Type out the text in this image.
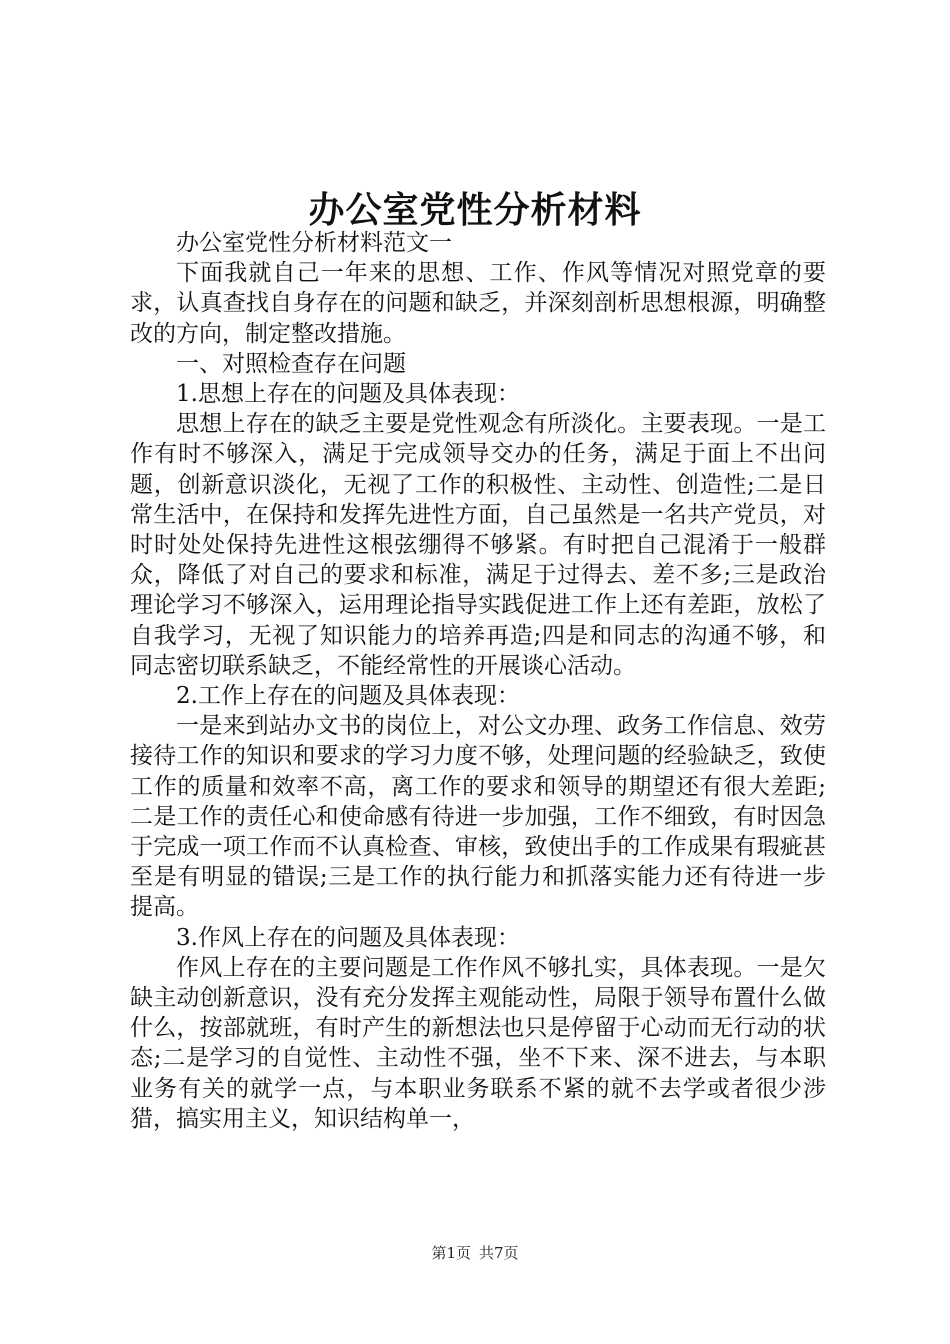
办公室党性分析材料

办公室党性分析材料范文一

下面我就自己一年来的思想、工作、作风等情况对照党章的要求，认真查找自身存在的问题和缺乏，并深刻剖析思想根源，明确整改的方向，制定整改措施。

一、对照检查存在问题

1.思想上存在的问题及具体表现：

思想上存在的缺乏主要是党性观念有所淡化。主要表现。一是工作有时不够深入，满足于完成领导交办的任务，满足于面上不出问题，创新意识淡化，无视了工作的积极性、主动性、创造性;二是日常生活中，在保持和发挥先进性方面，自己虽然是一名共产党员，对时时处处保持先进性这根弦绷得不够紧。有时把自己混淆于一般群众，降低了对自己的要求和标准，满足于过得去、差不多;三是政治理论学习不够深入，运用理论指导实践促进工作上还有差距，放松了自我学习，无视了知识能力的培养再造;四是和同志的沟通不够，和同志密切联系缺乏，不能经常性的开展谈心活动。

2.工作上存在的问题及具体表现：

一是来到站办文书的岗位上，对公文办理、政务工作信息、效劳接待工作的知识和要求的学习力度不够，处理问题的经验缺乏，致使工作的质量和效率不高，离工作的要求和领导的期望还有很大差距;二是工作的责任心和使命感有待进一步加强，工作不细致，有时因急于完成一项工作而不认真检查、审核，致使出手的工作成果有瑕疵甚至是有明显的错误;三是工作的执行能力和抓落实能力还有待进一步提高。

3.作风上存在的问题及具体表现：

作风上存在的主要问题是工作作风不够扎实，具体表现。一是欠缺主动创新意识，没有充分发挥主观能动性，局限于领导布置什么做什么，按部就班，有时产生的新想法也只是停留于心动而无行动的状态;二是学习的自觉性、主动性不强，坐不下来、深不进去，与本职业务有关的就学一点，与本职业务联系不紧的就不去学或者很少涉猎，搞实用主义，知识结构单一，

第1页 共7页
